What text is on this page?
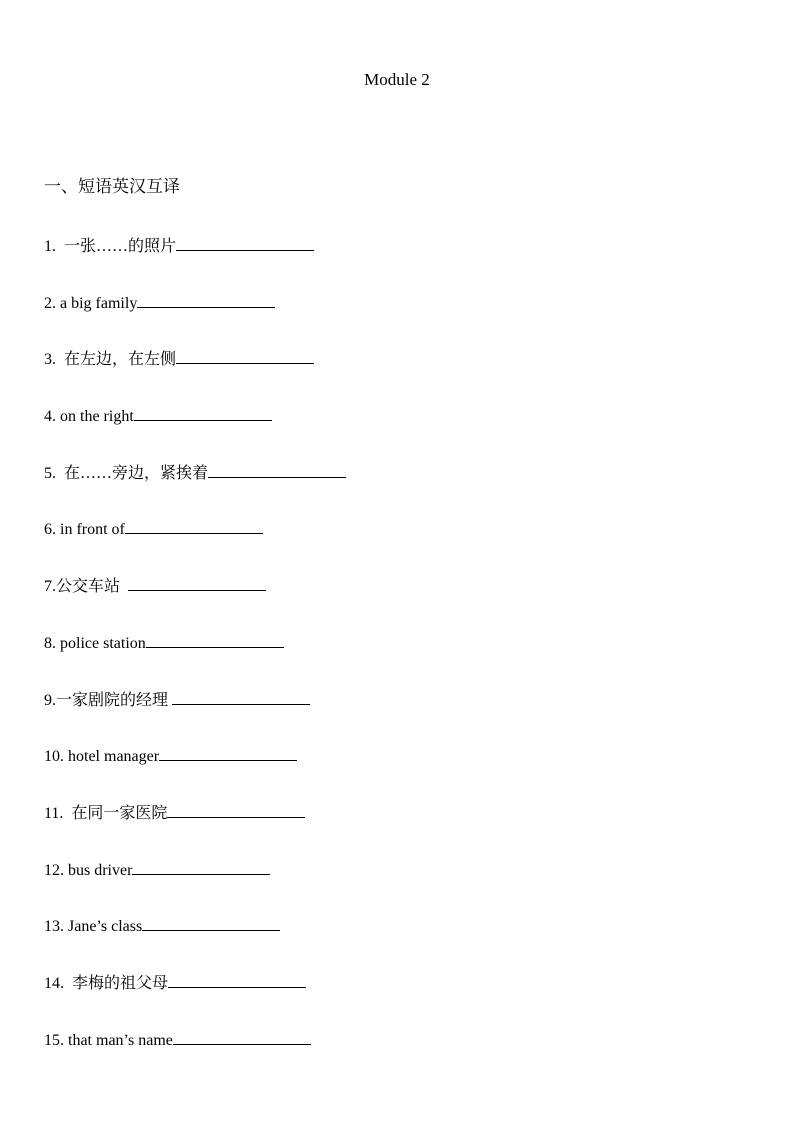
Module 2
一、短语英汉互译
1.  一张……的照片
2. a big family
3.  在左边，在左侧
4. on the right
5.  在……旁边，紧挨着
6. in front of
7.公交车站
8. police station
9.一家剧院的经理
10. hotel manager
11.  在同一家医院
12. bus driver
13. Jane’s class
14.  李梅的祖父母
15. that man’s name
